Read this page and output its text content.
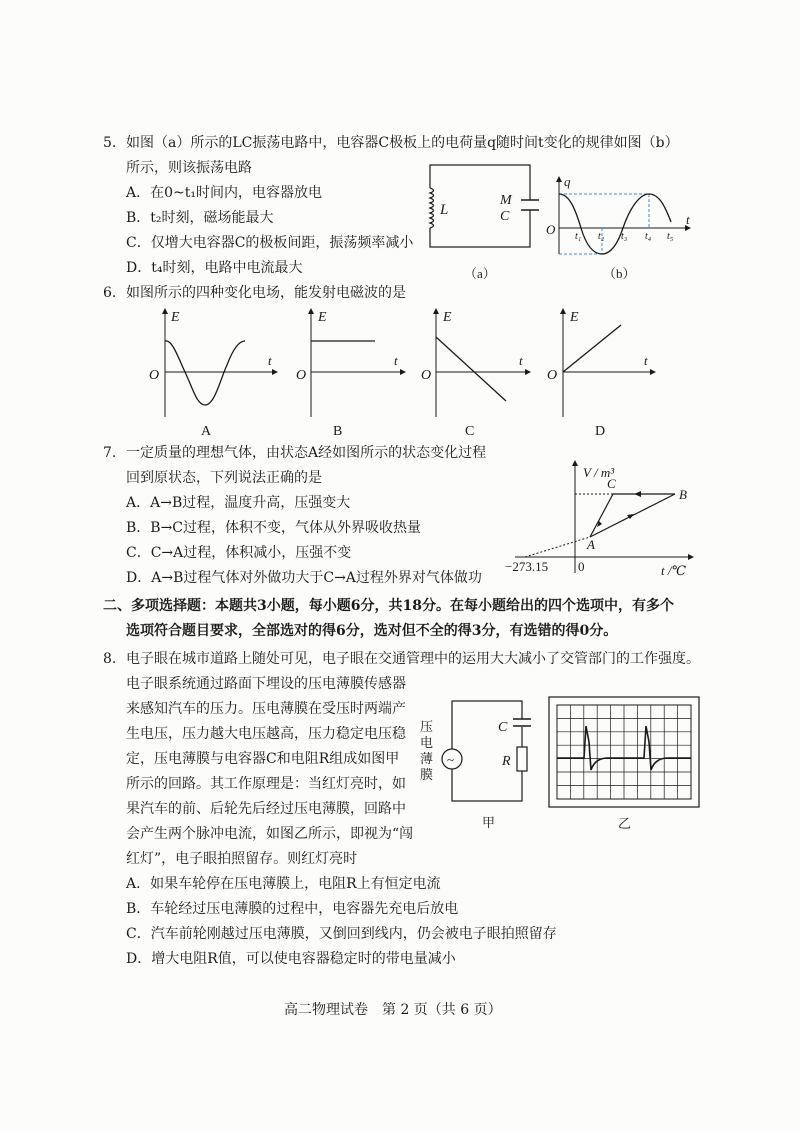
5. 如图（a）所示的LC振荡电路中，电容器C极板上的电荷量q随时间t变化的规律如图（b）
所示，则该振荡电路
A．在0~t₁时间内，电容器放电
B．t₂时刻，磁场能最大
C．仅增大电容器C的极板间距，振荡频率减小
D．t₄时刻，电路中电流最大
L
M
C
（a）
q
t
O t₁ t₂ t₃ t₄ t₅
（b）
6. 如图所示的四种变化电场，能发射电磁波的是
E
t
O
A
E
t
O
B
E
t
O
C
E
t
O
D
7. 一定质量的理想气体，由状态A经如图所示的状态变化过程
回到原状态，下列说法正确的是
A．A→B过程，温度升高，压强变大
B．B→C过程，体积不变，气体从外界吸收热量
C．C→A过程，体积减小，压强不变
D．A→B过程气体对外做功大于C→A过程外界对气体做功
V / m³
t /℃
0
−273.15
A
B
C
二、多项选择题：本题共3小题，每小题6分，共18分。在每小题给出的四个选项中，有多个
选项符合题目要求，全部选对的得6分，选对但不全的得3分，有选错的得0分。
8. 电子眼在城市道路上随处可见，电子眼在交通管理中的运用大大减小了交管部门的工作强度。
电子眼系统通过路面下埋设的压电薄膜传感器
来感知汽车的压力。压电薄膜在受压时两端产
生电压，压力越大电压越高，压力稳定电压稳
定，压电薄膜与电容器C和电阻R组成如图甲
所示的回路。其工作原理是：当红灯亮时，如
果汽车的前、后轮先后经过压电薄膜，回路中
会产生两个脉冲电流，如图乙所示，即视为“闯
红灯”，电子眼拍照留存。则红灯亮时
A．如果车轮停在压电薄膜上，电阻R上有恒定电流
B．车轮经过压电薄膜的过程中，电容器先充电后放电
C．汽车前轮刚越过压电薄膜，又倒回到线内，仍会被电子眼拍照留存
D．增大电阻R值，可以使电容器稳定时的带电量减小
~
C
R
压
电
薄
膜
甲	乙
高二物理试卷　第 2 页（共 6 页）
